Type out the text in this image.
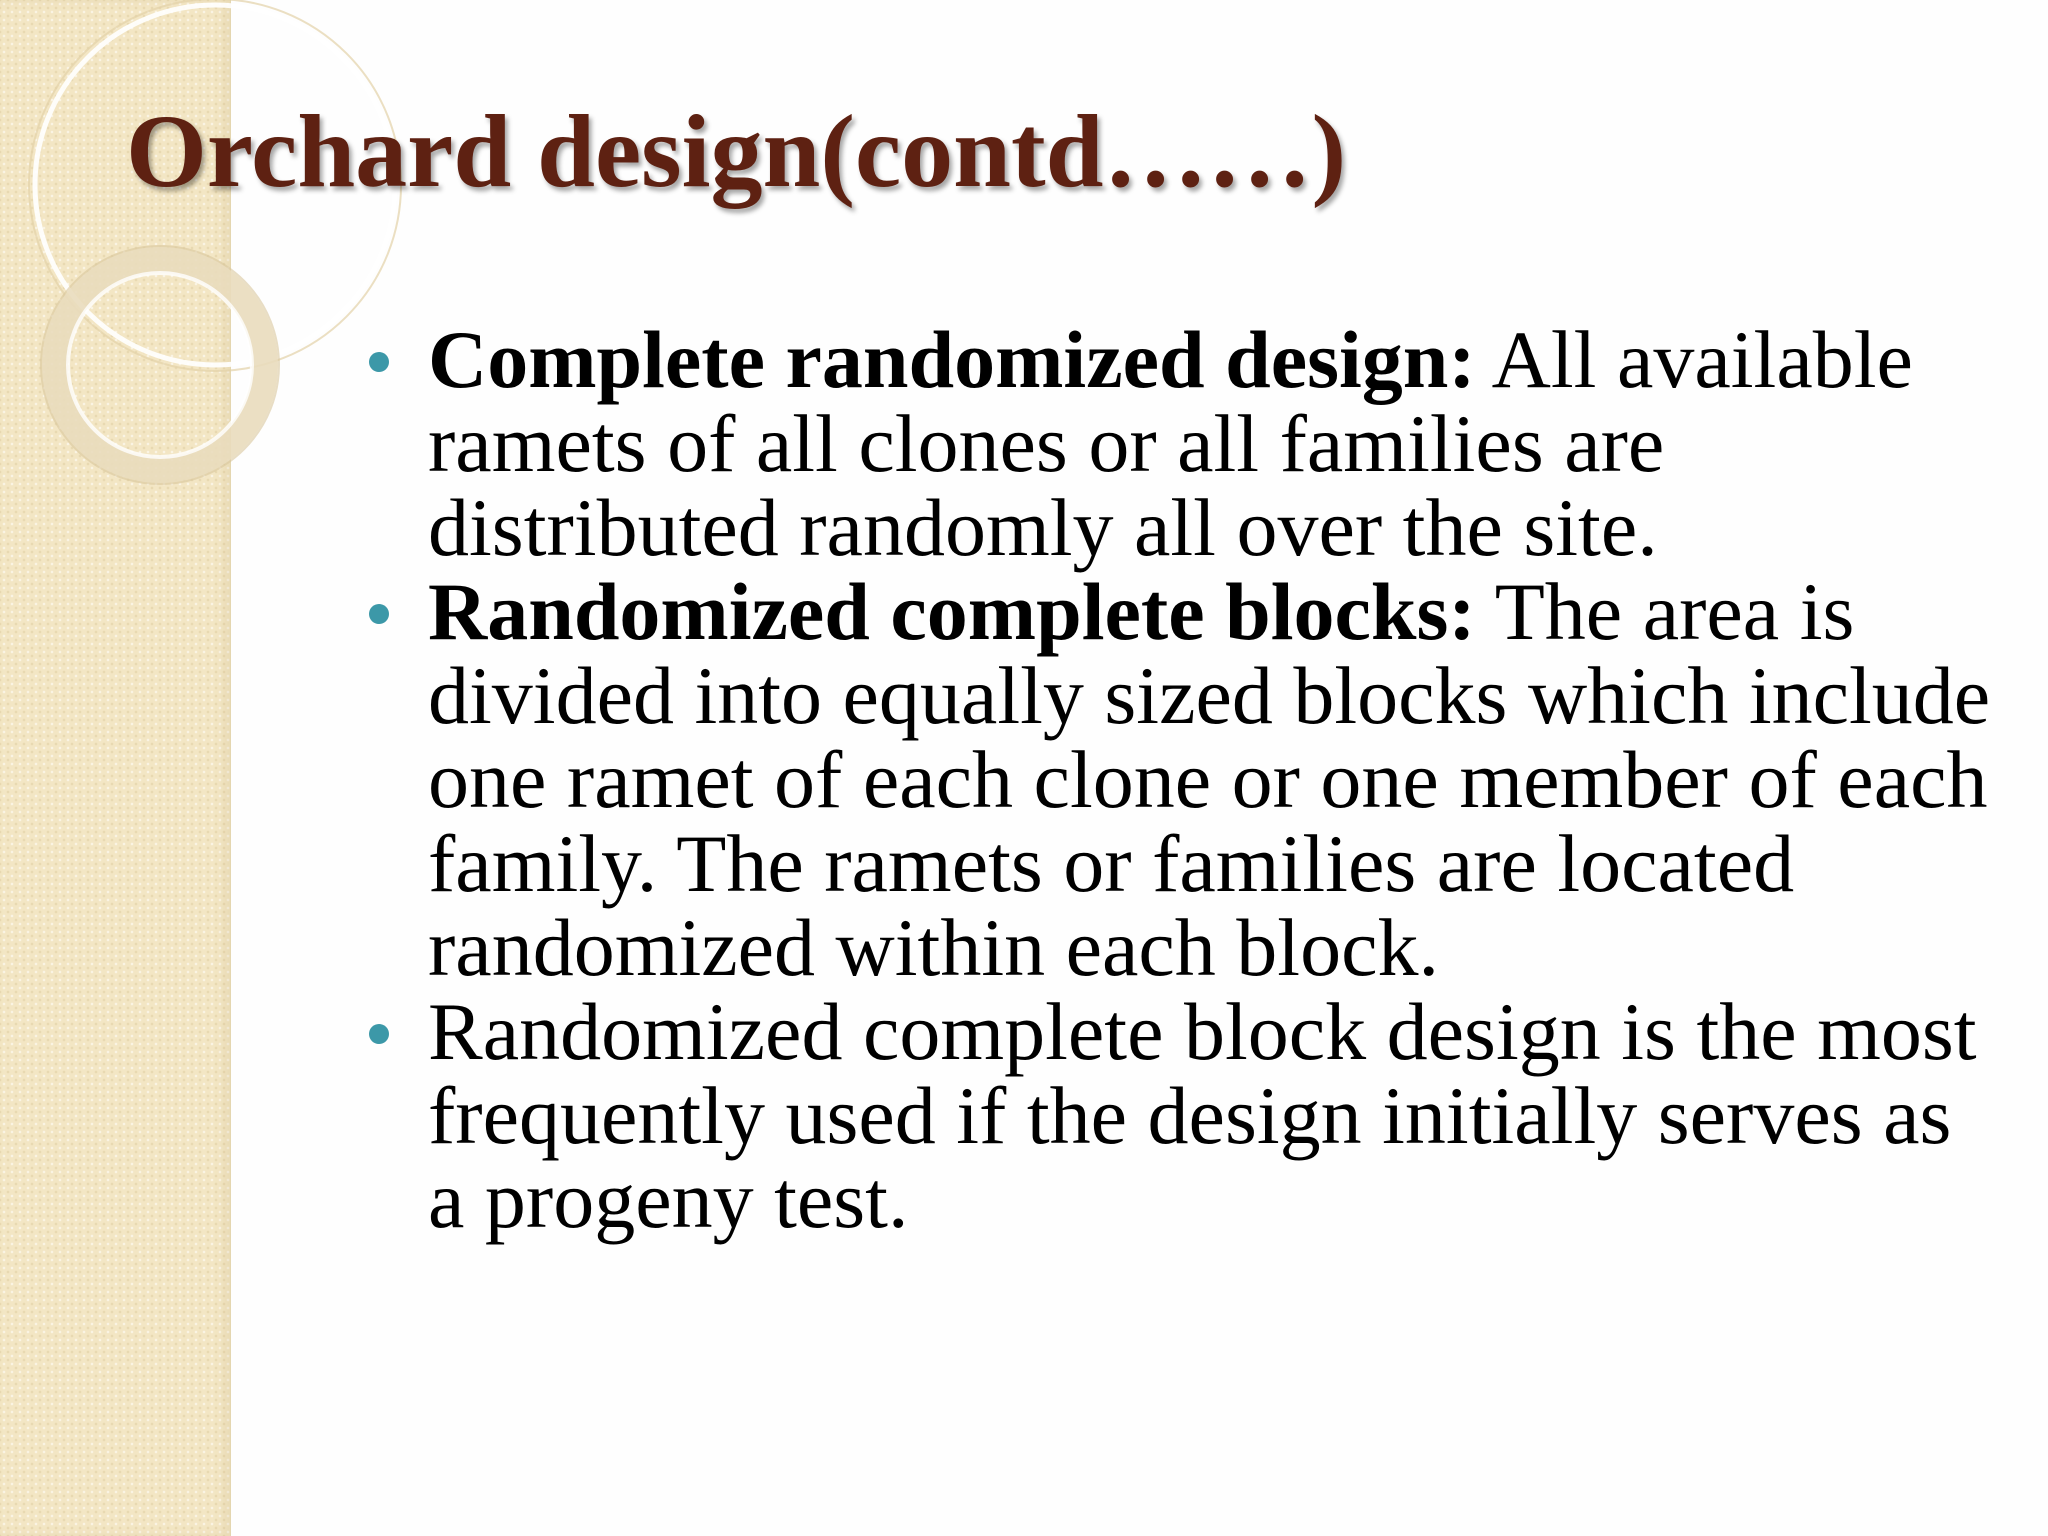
Orchard design(contd……)
Complete randomized design: All available ramets of all clones or all families are distributed randomly all over the site.
Randomized complete blocks: The area is divided into equally sized blocks which include one ramet of each clone or one member of each family. The ramets or families are located randomized within each block.
Randomized complete block design is the most frequently used if the design initially serves as a progeny test.
